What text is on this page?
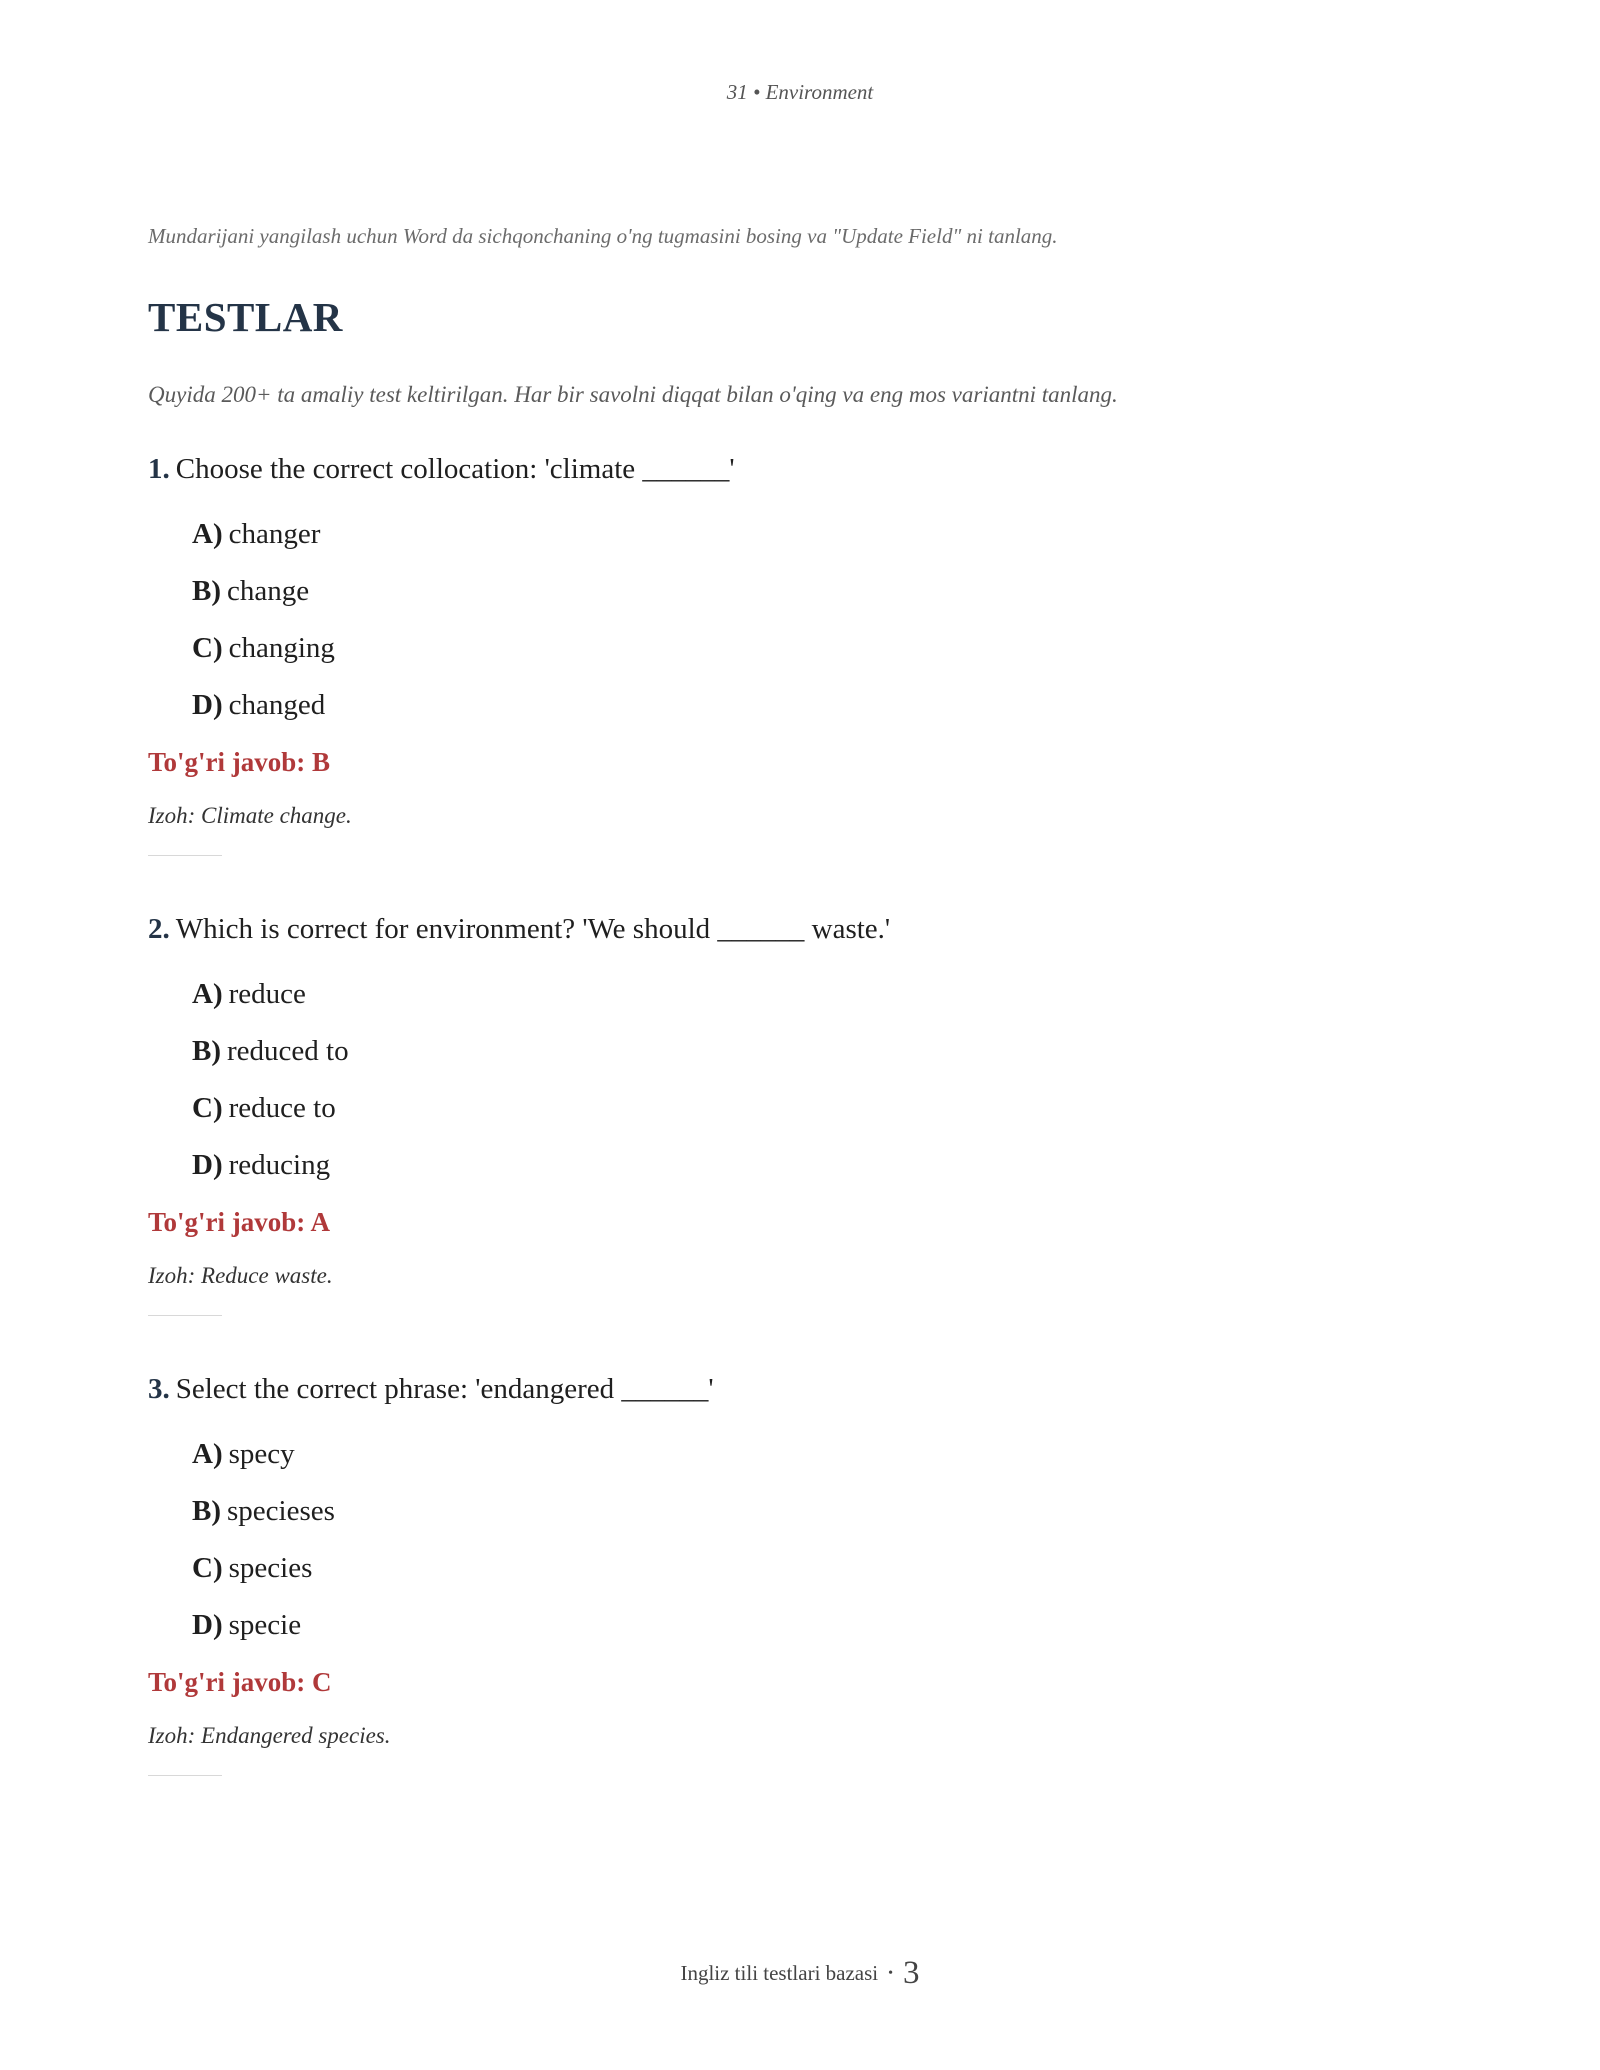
31 • Environment
Mundarijani yangilash uchun Word da sichqonchaning o'ng tugmasini bosing va "Update Field" ni tanlang.
TESTLAR
Quyida 200+ ta amaliy test keltirilgan. Har bir savolni diqqat bilan o'qing va eng mos variantni tanlang.
1. Choose the correct collocation: 'climate ______'
A) changer
B) change
C) changing
D) changed
To'g'ri javob: B
Izoh: Climate change.
2. Which is correct for environment? 'We should ______ waste.'
A) reduce
B) reduced to
C) reduce to
D) reducing
To'g'ri javob: A
Izoh: Reduce waste.
3. Select the correct phrase: 'endangered ______'
A) specy
B) specieses
C) species
D) specie
To'g'ri javob: C
Izoh: Endangered species.
Ingliz tili testlari bazasi • 3
